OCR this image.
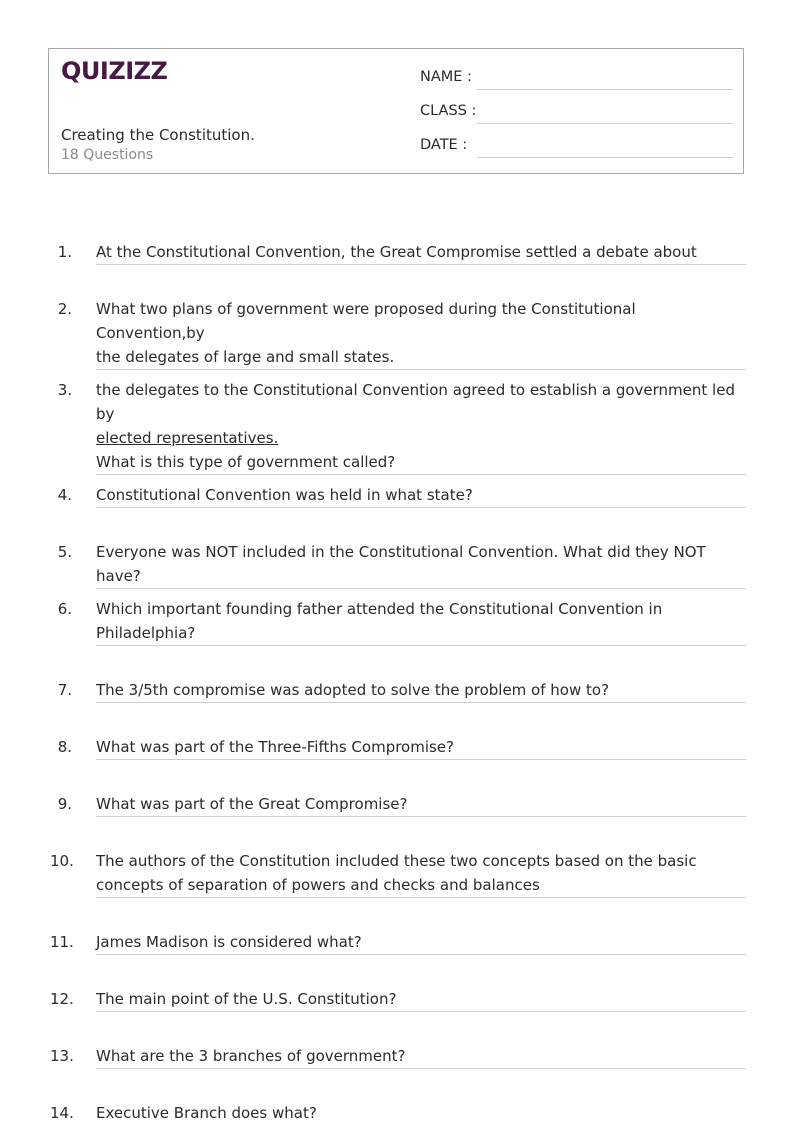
QUIZIZZ
Creating the Constitution.
18 Questions
NAME :
CLASS :
DATE :
1. At the Constitutional Convention, the Great Compromise settled a debate about
2. What two plans of government were proposed during the Constitutional Convention,by
the delegates of large and small states.
3. the delegates to the Constitutional Convention agreed to establish a government led by
elected representatives.
What is this type of government called?
4. Constitutional Convention was held in what state?
5. Everyone was NOT included in the Constitutional Convention. What did they NOT have?
6. Which important founding father attended the Constitutional Convention in
Philadelphia?
7. The 3/5th compromise was adopted to solve the problem of how to?
8. What was part of the Three-Fifths Compromise?
9. What was part of the Great Compromise?
10. The authors of the Constitution included these two concepts based on the basic
concepts of separation of powers and checks and balances
11. James Madison is considered what?
12. The main point of the U.S. Constitution?
13. What are the 3 branches of government?
14. Executive Branch does what?
